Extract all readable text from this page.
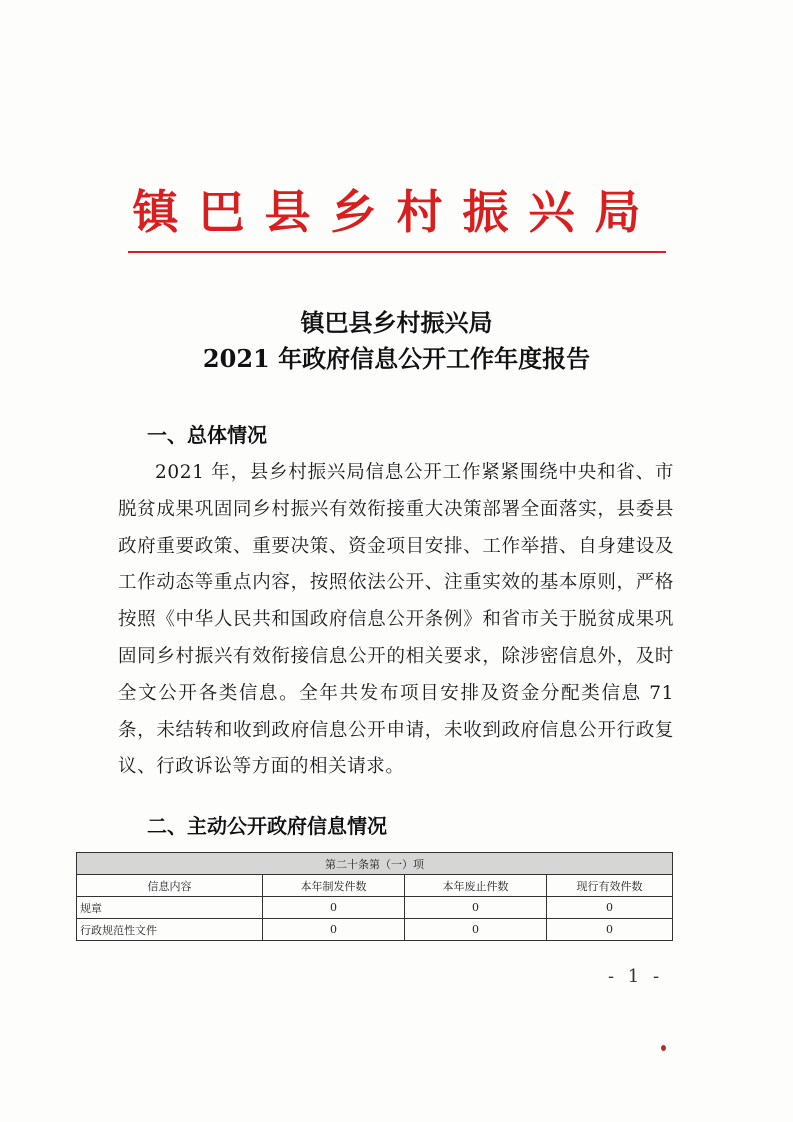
镇巴县乡村振兴局
镇巴县乡村振兴局
2021 年政府信息公开工作年度报告
一、总体情况
2021 年，县乡村振兴局信息公开工作紧紧围绕中央和省、市脱贫成果巩固同乡村振兴有效衔接重大决策部署全面落实，县委县政府重要政策、重要决策、资金项目安排、工作举措、自身建设及工作动态等重点内容，按照依法公开、注重实效的基本原则，严格按照《中华人民共和国政府信息公开条例》和省市关于脱贫成果巩固同乡村振兴有效衔接信息公开的相关要求，除涉密信息外，及时全文公开各类信息。全年共发布项目安排及资金分配类信息 71 条，未结转和收到政府信息公开申请，未收到政府信息公开行政复议、行政诉讼等方面的相关请求。
二、主动公开政府信息情况
第二十条第（一）项			
信息内容	本年制发件数	本年废止件数	现行有效件数
规章	0	0	0
行政规范性文件	0	0	0
- 1 -
